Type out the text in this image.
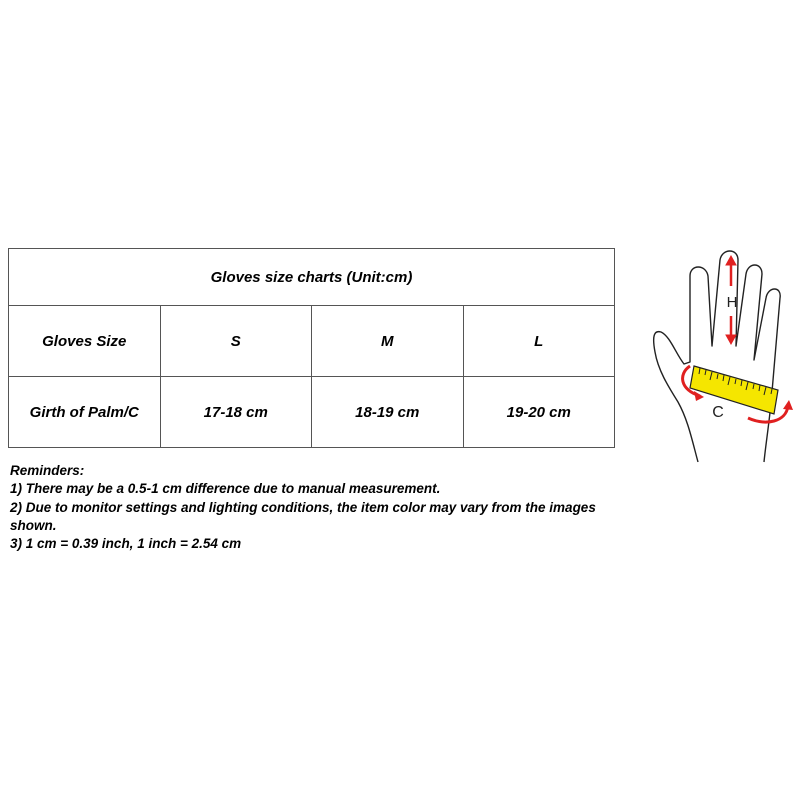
Gloves size charts (Unit:cm)			
Gloves Size	S	M	L
Girth of Palm/C	17-18 cm	18-19 cm	19-20 cm
Reminders:
1) There may be a 0.5-1 cm difference due to manual measurement.
2) Due to monitor settings and lighting conditions, the item color may vary from the images shown.
3) 1 cm = 0.39 inch, 1 inch = 2.54 cm
H
C
